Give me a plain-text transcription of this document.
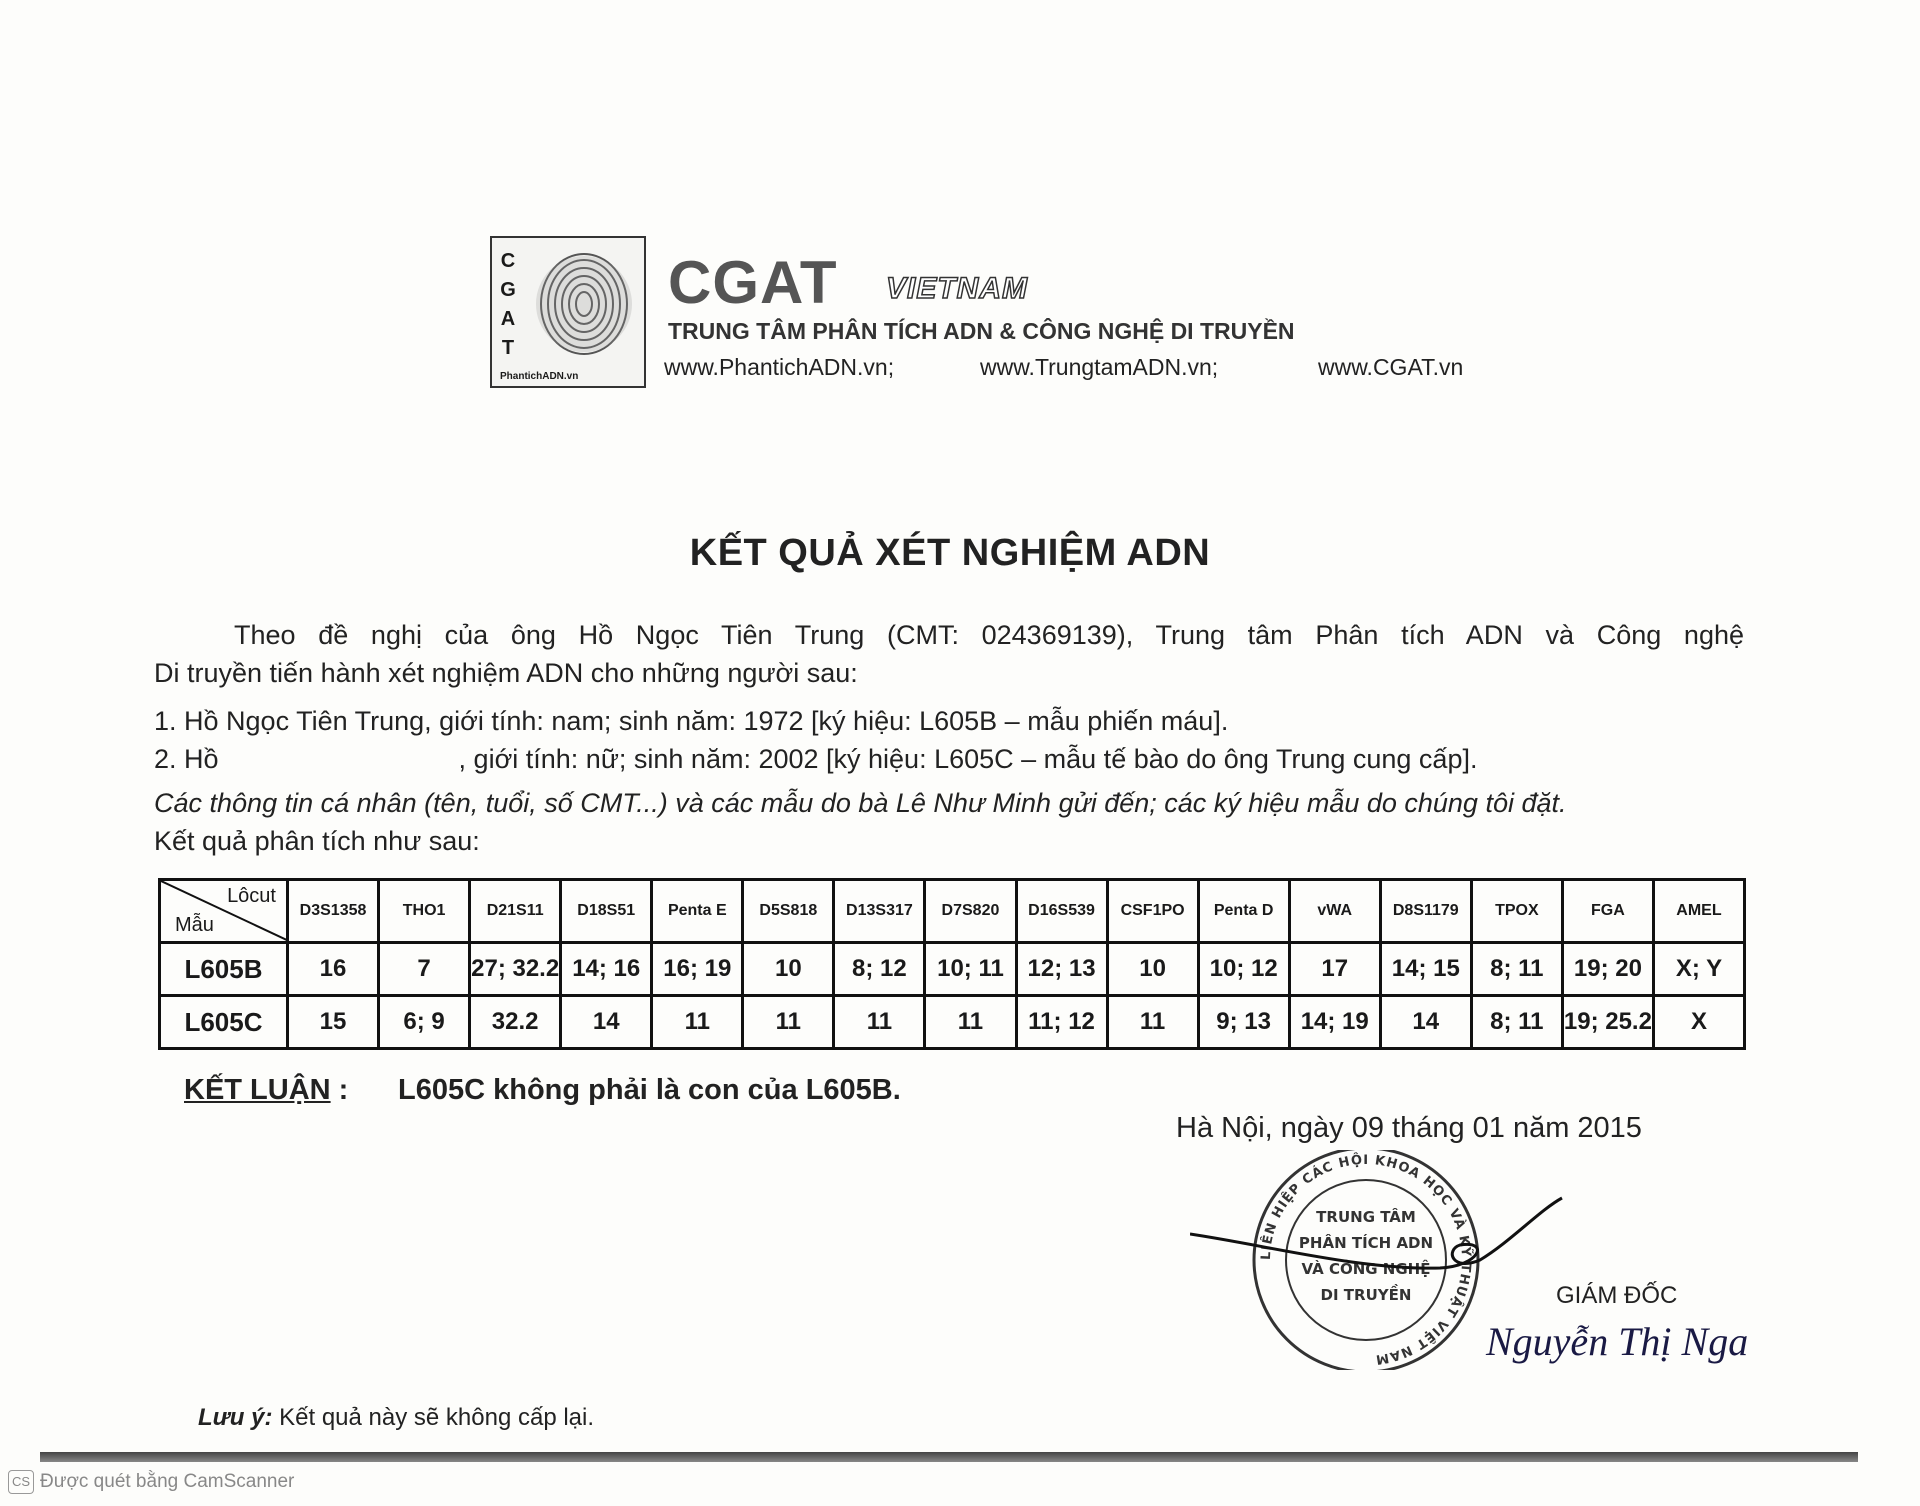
C
G
A
T
PhantichADN.vn
CGAT VIETNAM
TRUNG TÂM PHÂN TÍCH ADN & CÔNG NGHỆ DI TRUYỀN
www.PhantichADN.vn;	www.TrungtamADN.vn;	www.CGAT.vn
KẾT QUẢ XÉT NGHIỆM ADN
Theo đề nghị của ông Hồ Ngọc Tiên Trung (CMT: 024369139), Trung tâm Phân tích ADN và Công nghệ
Di truyền tiến hành xét nghiệm ADN cho những người sau:
1. Hồ Ngọc Tiên Trung, giới tính: nam; sinh năm: 1972 [ký hiệu: L605B – mẫu phiến máu].
2. Hồ	, giới tính: nữ; sinh năm: 2002 [ký hiệu: L605C – mẫu tế bào do ông Trung cung cấp].
Các thông tin cá nhân (tên, tuổi, số CMT...) và các mẫu do bà Lê Như Minh gửi đến; các ký hiệu mẫu do chúng tôi đặt.
Kết quả phân tích như sau:
Lôcut
Mẫu	D3S1358	THO1	D21S11	D18S51	Penta E	D5S818	D13S317	D7S820	D16S539	CSF1PO	Penta D	vWA	D8S1179	TPOX	FGA	AMEL
L605B	16	7	27; 32.2	14; 16	16; 19	10	8; 12	10; 11	12; 13	10	10; 12	17	14; 15	8; 11	19; 20	X; Y
L605C	15	6; 9	32.2	14	11	11	11	11	11; 12	11	9; 13	14; 19	14	8; 11	19; 25.2	X
KẾT LUẬN : L605C không phải là con của L605B.
Hà Nội, ngày 09 tháng 01 năm 2015
LIÊN HIỆP CÁC HỘI KHOA HỌC VÀ KỸ THUẬT VIỆT NAM
TRUNG TÂM
PHÂN TÍCH ADN
VÀ CÔNG NGHỆ
DI TRUYỀN	GIÁM ĐỐC
Nguyễn Thị Nga
Lưu ý: Kết quả này sẽ không cấp lại.
CS Được quét bằng CamScanner
